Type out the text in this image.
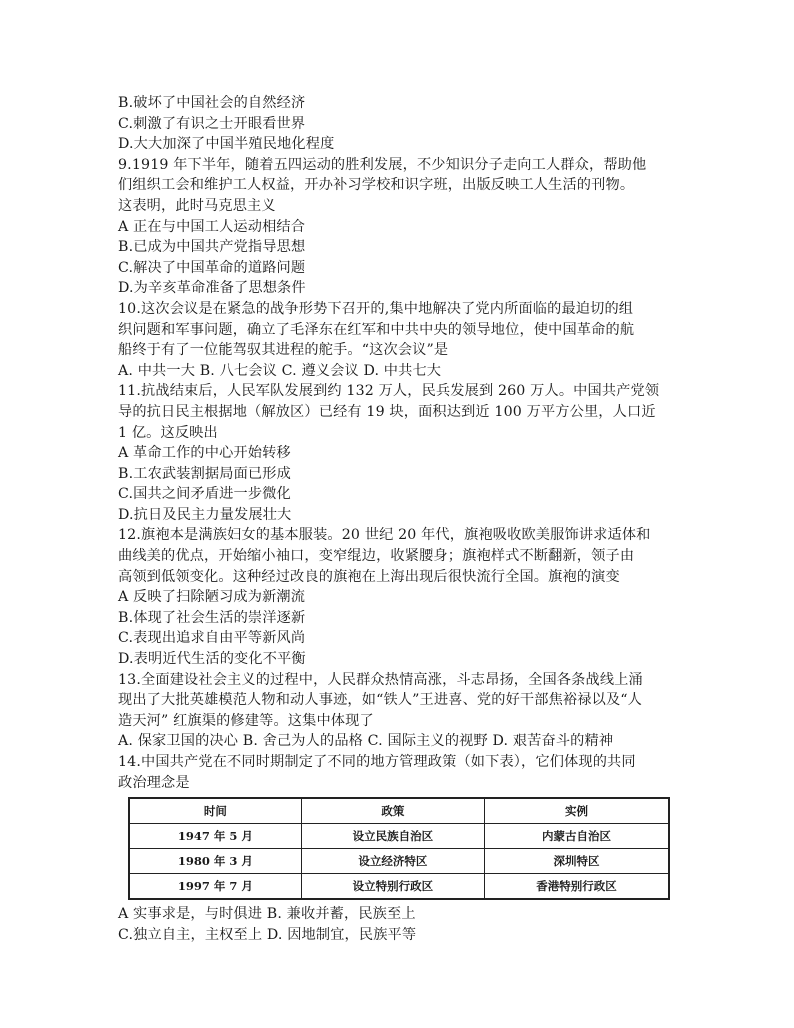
B.破坏了中国社会的自然经济
C.刺激了有识之士开眼看世界
D.大大加深了中国半殖民地化程度
9.1919 年下半年，随着五四运动的胜利发展，不少知识分子走向工人群众，帮助他
们组织工会和维护工人权益，开办补习学校和识字班，出版反映工人生活的刊物。
这表明，此时马克思主义
A 正在与中国工人运动相结合
B.已成为中国共产党指导思想
C.解决了中国革命的道路问题
D.为辛亥革命准备了思想条件
10.这次会议是在紧急的战争形势下召开的,集中地解决了党内所面临的最迫切的组
织问题和军事问题，确立了毛泽东在红军和中共中央的领导地位，使中国革命的航
船终于有了一位能驾驭其进程的舵手。“这次会议”是
A. 中共一大 B. 八七会议 C. 遵义会议 D. 中共七大
11.抗战结束后，人民军队发展到约 132 万人，民兵发展到 260 万人。中国共产党领
导的抗日民主根据地（解放区）已经有 19 块，面积达到近 100 万平方公里，人口近
1 亿。这反映出
A 革命工作的中心开始转移
B.工农武装割据局面已形成
C.国共之间矛盾进一步微化
D.抗日及民主力量发展壮大
12.旗袍本是满族妇女的基本服装。20 世纪 20 年代，旗袍吸收欧美服饰讲求适体和
曲线美的优点，开始缩小袖口，变窄绲边，收紧腰身；旗袍样式不断翻新，领子由
高领到低领变化。这种经过改良的旗袍在上海出现后很快流行全国。旗袍的演变
A 反映了扫除陋习成为新潮流
B.体现了社会生活的崇洋逐新
C.表现出追求自由平等新风尚
D.表明近代生活的变化不平衡
13.全面建设社会主义的过程中，人民群众热情高涨，斗志昂扬，全国各条战线上涌
现出了大批英雄模范人物和动人事迹，如“铁人”王进喜、党的好干部焦裕禄以及“人
造天河” 红旗渠的修建等。这集中体现了
A. 保家卫国的决心 B. 舍己为人的品格 C. 国际主义的视野 D. 艰苦奋斗的精神
14.中国共产党在不同时期制定了不同的地方管理政策（如下表），它们体现的共同
政治理念是
时间	政策	实例
1947 年 5 月	设立民族自治区	内蒙古自治区
1980 年 3 月	设立经济特区	深圳特区
1997 年 7 月	设立特别行政区	香港特别行政区
A 实事求是，与时俱进 B. 兼收并蓄，民族至上
C.独立自主，主权至上 D. 因地制宜，民族平等
